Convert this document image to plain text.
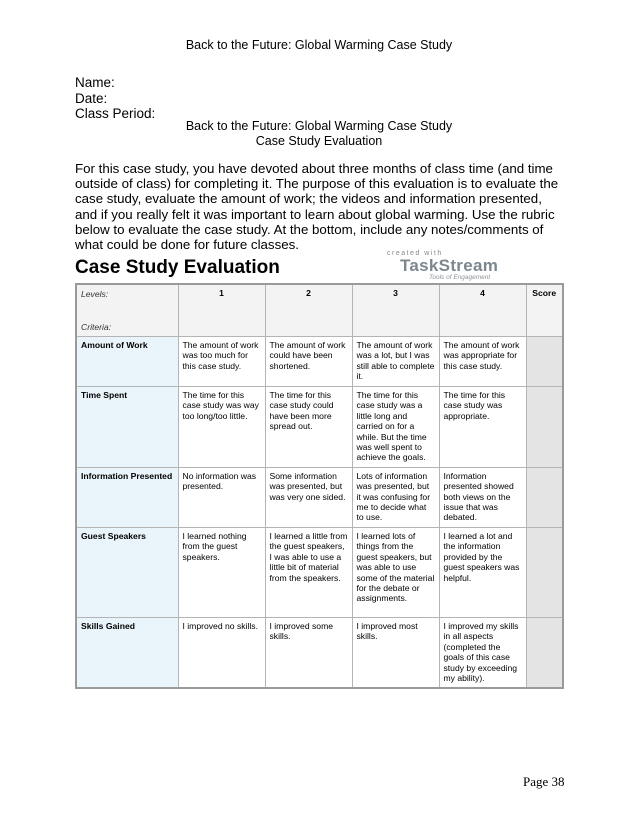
Back to the Future: Global Warming Case Study
Name:
Date:
Class Period:
Back to the Future: Global Warming Case Study
Case Study Evaluation
For this case study, you have devoted about three months of class time (and time outside of class) for completing it. The purpose of this evaluation is to evaluate the case study, evaluate the amount of work; the videos and information presented, and if you really felt it was important to learn about global warming. Use the rubric below to evaluate the case study. At the bottom, include any notes/comments of what could be done for future classes.
Case Study Evaluation
created with
TaskStream
Tools of Engagement
Levels:
Criteria:	1	2	3	4	Score
Amount of Work	The amount of work was too much for this case study.	The amount of work could have been shortened.	The amount of work was a lot, but I was still able to complete it.	The amount of work was appropriate for this case study.	
Time Spent	The time for this case study was way too long/too little.	The time for this case study could have been more spread out.	The time for this case study was a little long and carried on for a while. But the time was well spent to achieve the goals.	The time for this case study was appropriate.	
Information Presented	No information was presented.	Some information was presented, but was very one sided.	Lots of information was presented, but it was confusing for me to decide what to use.	Information presented showed both views on the issue that was debated.	
Guest Speakers	I learned nothing from the guest speakers.	I learned a little from the guest speakers, I was able to use a little bit of material from the speakers.	I learned lots of things from the guest speakers, but was able to use some of the material for the debate or assignments.	I learned a lot and the information provided by the guest speakers was helpful.	
Skills Gained	I improved no skills.	I improved some skills.	I improved most skills.	I improved my skills in all aspects (completed the goals of this case study by exceeding my ability).	
Page 38
